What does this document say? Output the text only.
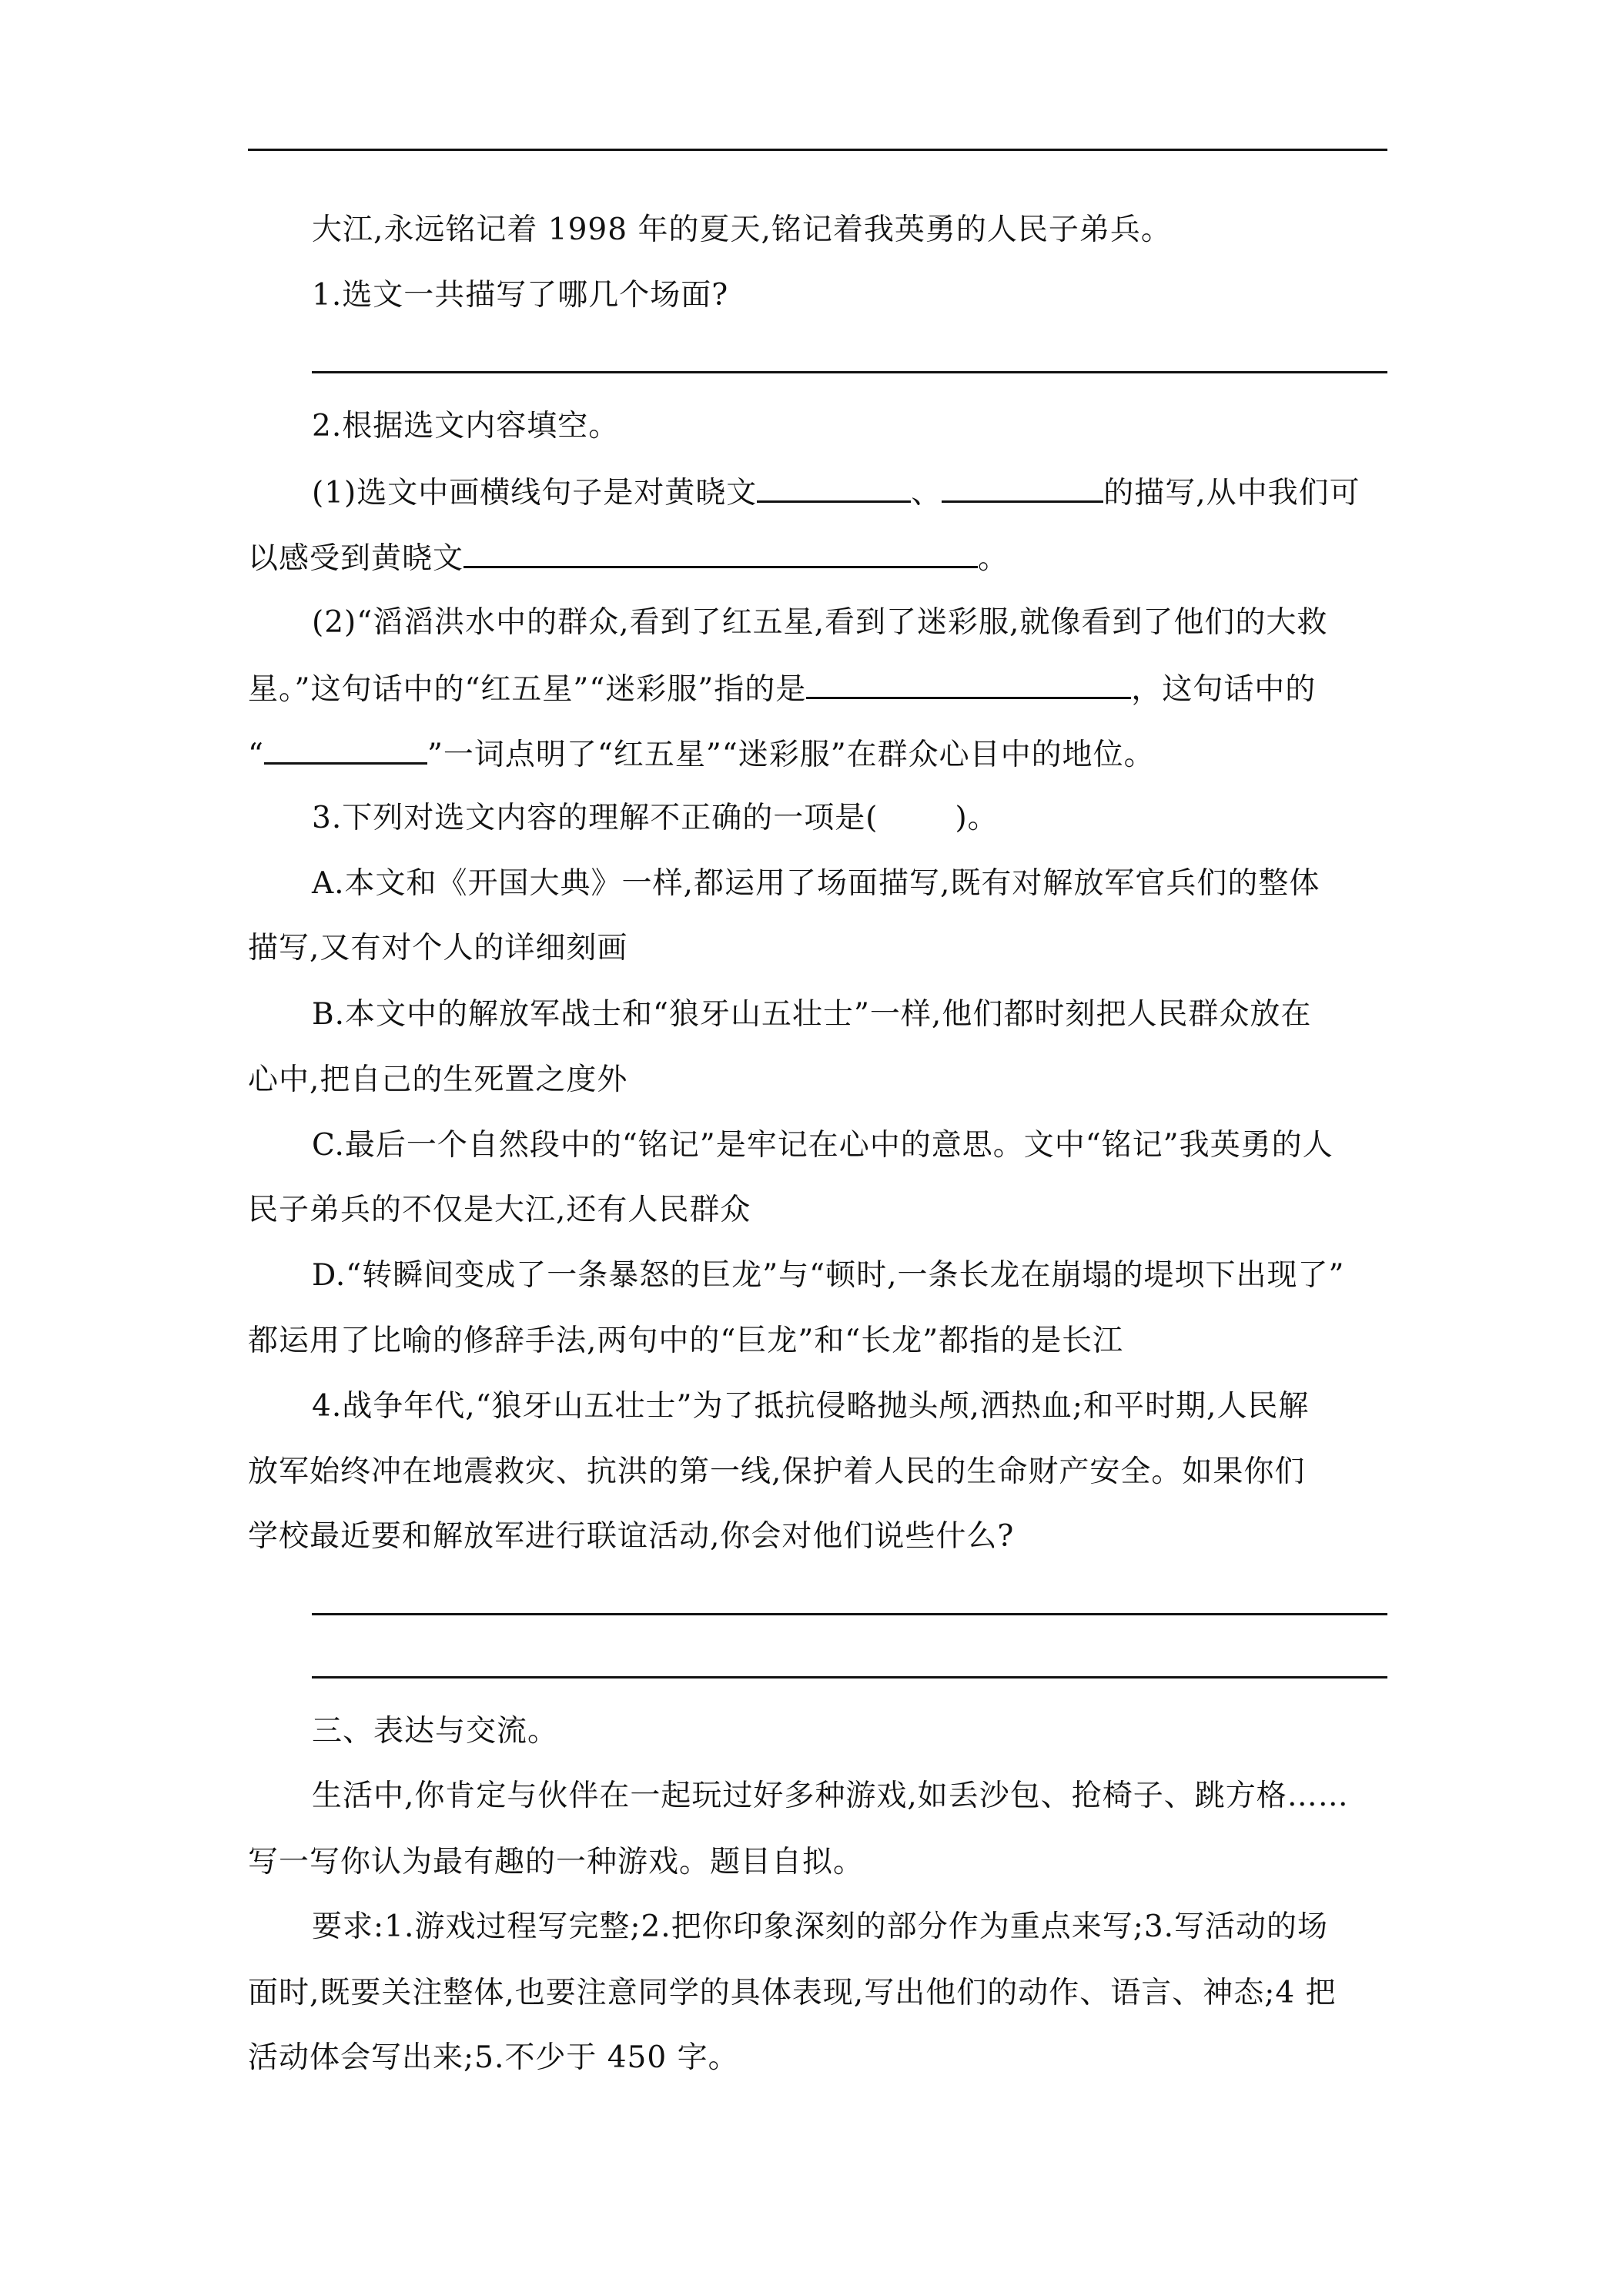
大江,永远铭记着 1998 年的夏天,铭记着我英勇的人民子弟兵。
1.选文一共描写了哪几个场面?
2.根据选文内容填空。
(1)选文中画横线句子是对黄晓文	、	的描写,从中我们可
以感受到黄晓文	。
(2)“滔滔洪水中的群众,看到了红五星,看到了迷彩服,就像看到了他们的大救
星。”这句话中的“红五星”“迷彩服”指的是	，这句话中的
“	”一词点明了“红五星”“迷彩服”在群众心目中的地位。
3.下列对选文内容的理解不正确的一项是(	)。
A.本文和《开国大典》一样,都运用了场面描写,既有对解放军官兵们的整体
描写,又有对个人的详细刻画
B.本文中的解放军战士和“狼牙山五壮士”一样,他们都时刻把人民群众放在
心中,把自己的生死置之度外
C.最后一个自然段中的“铭记”是牢记在心中的意思。文中“铭记”我英勇的人
民子弟兵的不仅是大江,还有人民群众
D.“转瞬间变成了一条暴怒的巨龙”与“顿时,一条长龙在崩塌的堤坝下出现了”
都运用了比喻的修辞手法,两句中的“巨龙”和“长龙”都指的是长江
4.战争年代,“狼牙山五壮士”为了抵抗侵略抛头颅,洒热血;和平时期,人民解
放军始终冲在地震救灾、抗洪的第一线,保护着人民的生命财产安全。如果你们
学校最近要和解放军进行联谊活动,你会对他们说些什么?
三、表达与交流。
生活中,你肯定与伙伴在一起玩过好多种游戏,如丢沙包、抢椅子、跳方格……
写一写你认为最有趣的一种游戏。题目自拟。
要求:1.游戏过程写完整;2.把你印象深刻的部分作为重点来写;3.写活动的场
面时,既要关注整体,也要注意同学的具体表现,写出他们的动作、语言、神态;4 把
活动体会写出来;5.不少于 450 字。
